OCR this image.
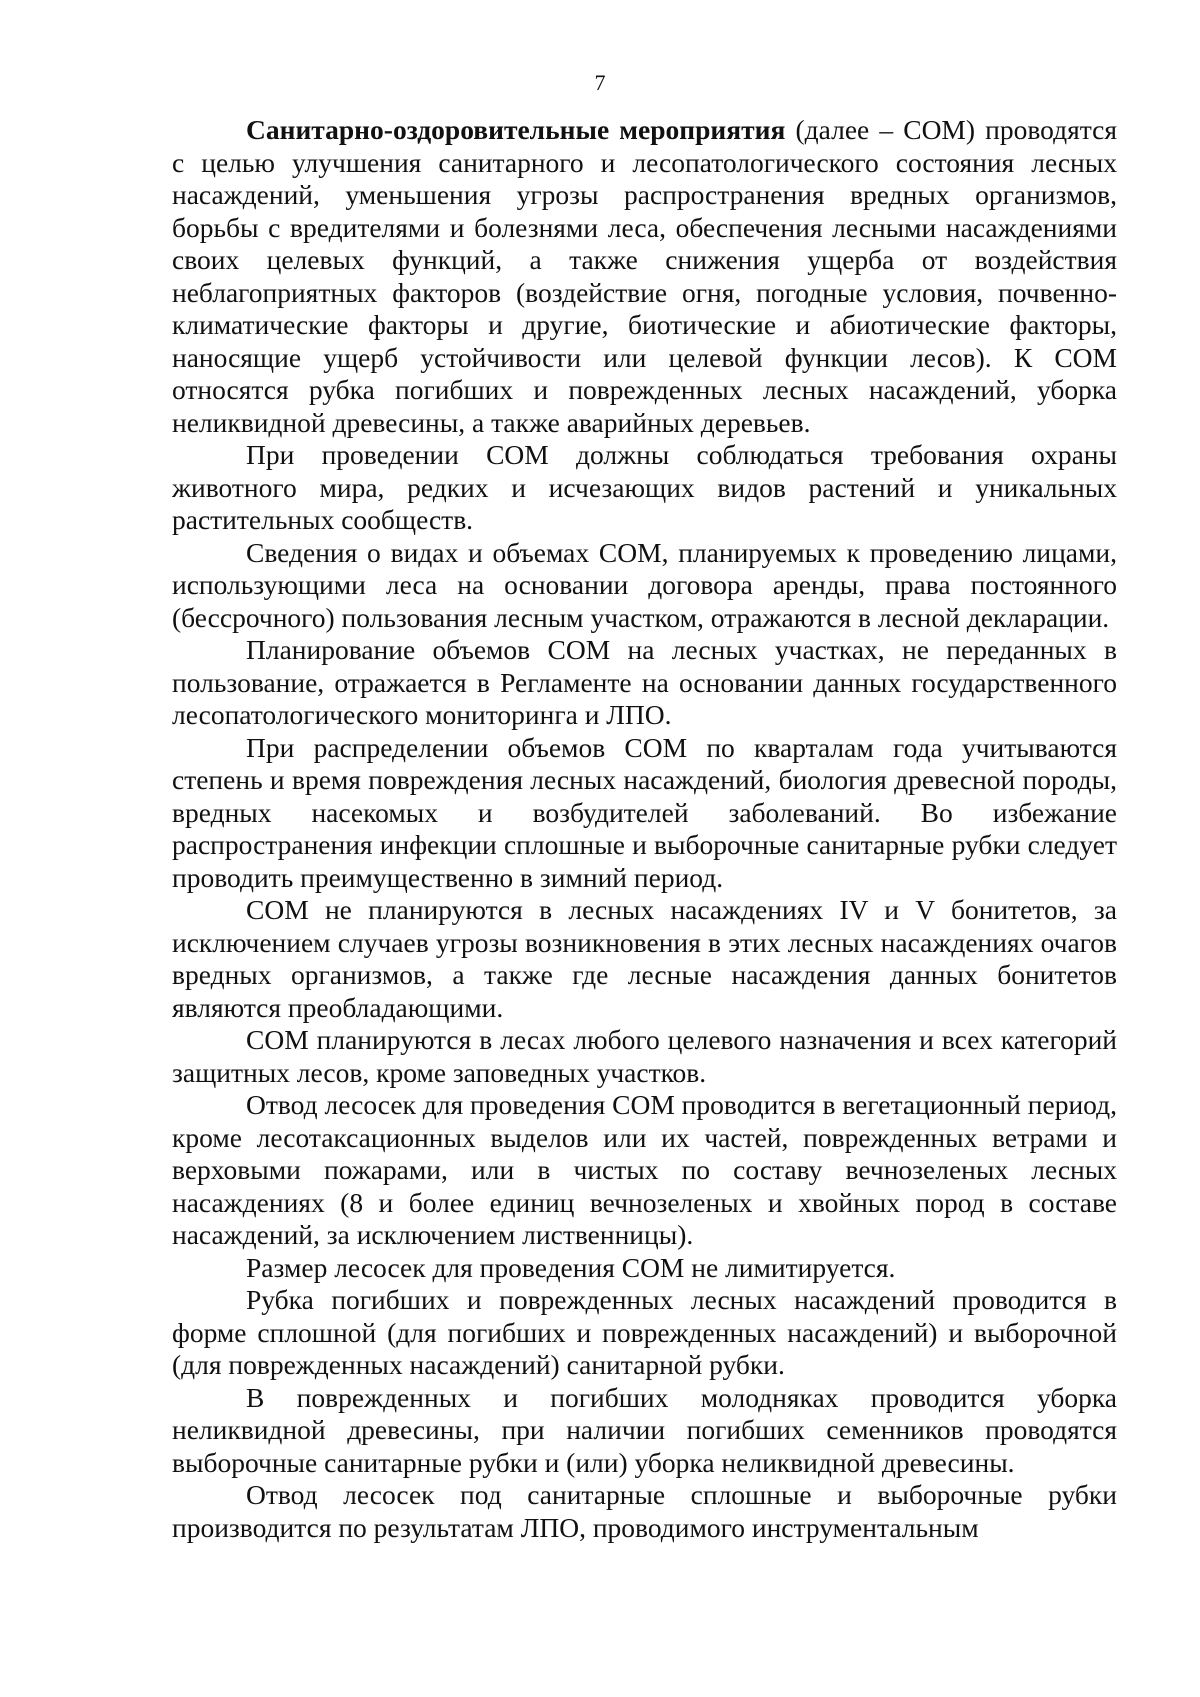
7

Санитарно-оздоровительные мероприятия (далее – СОМ) проводятся с целью улучшения санитарного и лесопатологического состояния лесных насаждений, уменьшения угрозы распространения вредных организмов, борьбы с вредителями и болезнями леса, обеспечения лесными насаждениями своих целевых функций, а также снижения ущерба от воздействия неблагоприятных факторов (воздействие огня, погодные условия, почвенно-климатические факторы и другие, биотические и абиотические факторы, наносящие ущерб устойчивости или целевой функции лесов). К СОМ относятся рубка погибших и поврежденных лесных насаждений, уборка неликвидной древесины, а также аварийных деревьев.

При проведении СОМ должны соблюдаться требования охраны животного мира, редких и исчезающих видов растений и уникальных растительных сообществ.

Сведения о видах и объемах СОМ, планируемых к проведению лицами, использующими леса на основании договора аренды, права постоянного (бессрочного) пользования лесным участком, отражаются в лесной декларации.

Планирование объемов СОМ на лесных участках, не переданных в пользование, отражается в Регламенте на основании данных государственного лесопатологического мониторинга и ЛПО.

При распределении объемов СОМ по кварталам года учитываются степень и время повреждения лесных насаждений, биология древесной породы, вредных насекомых и возбудителей заболеваний. Во избежание распространения инфекции сплошные и выборочные санитарные рубки следует проводить преимущественно в зимний период.

СОМ не планируются в лесных насаждениях IV и V бонитетов, за исключением случаев угрозы возникновения в этих лесных насаждениях очагов вредных организмов, а также где лесные насаждения данных бонитетов являются преобладающими.

СОМ планируются в лесах любого целевого назначения и всех категорий защитных лесов, кроме заповедных участков.

Отвод лесосек для проведения СОМ проводится в вегетационный период, кроме лесотаксационных выделов или их частей, поврежденных ветрами и верховыми пожарами, или в чистых по составу вечнозеленых лесных насаждениях (8 и более единиц вечнозеленых и хвойных пород в составе насаждений, за исключением лиственницы).

Размер лесосек для проведения СОМ не лимитируется.

Рубка погибших и поврежденных лесных насаждений проводится в форме сплошной (для погибших и поврежденных насаждений) и выборочной (для поврежденных насаждений) санитарной рубки.

В поврежденных и погибших молодняках проводится уборка неликвидной древесины, при наличии погибших семенников проводятся выборочные санитарные рубки и (или) уборка неликвидной древесины.

Отвод лесосек под санитарные сплошные и выборочные рубки производится по результатам ЛПО, проводимого инструментальным
